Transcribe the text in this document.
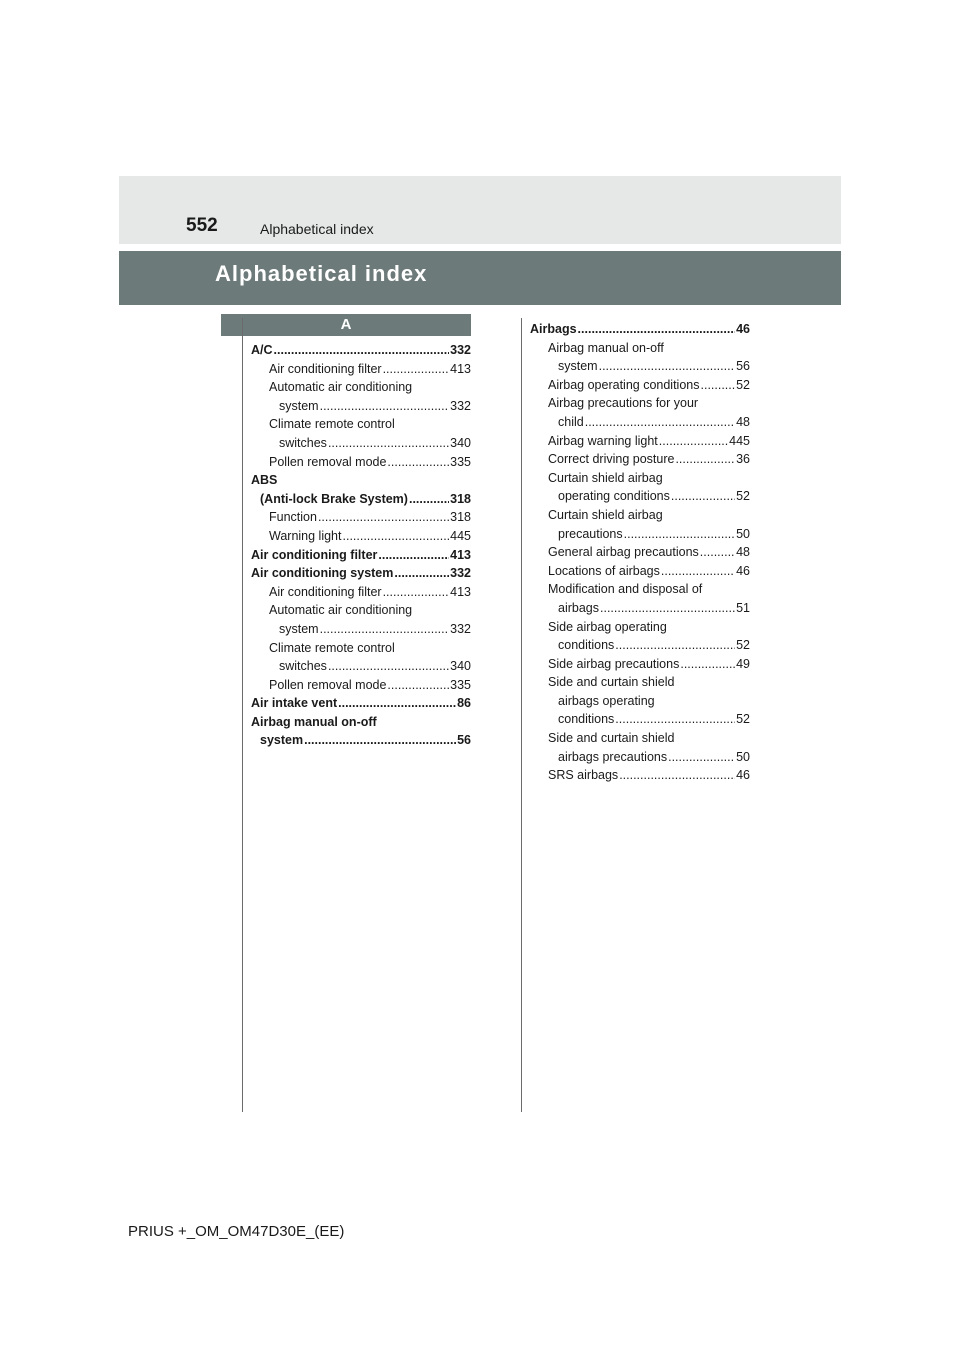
552	Alphabetical index
Alphabetical index
A
A/C .....	332
Air conditioning filter .....	413
Automatic air conditioning
system .....	332
Climate remote control
switches .....	340
Pollen removal mode .....	335
ABS
(Anti-lock Brake System) .....	318
Function .....	318
Warning light .....	445
Air conditioning filter .....	413
Air conditioning system .....	332
Air conditioning filter .....	413
Automatic air conditioning
system .....	332
Climate remote control
switches .....	340
Pollen removal mode .....	335
Air intake vent .....	86
Airbag manual on-off
system .....	56
Airbags .....	46
Airbag manual on-off
system .....	56
Airbag operating conditions .....	52
Airbag precautions for your
child .....	48
Airbag warning light .....	445
Correct driving posture .....	36
Curtain shield airbag
operating conditions .....	52
Curtain shield airbag
precautions .....	50
General airbag precautions .....	48
Locations of airbags .....	46
Modification and disposal of
airbags .....	51
Side airbag operating
conditions .....	52
Side airbag precautions .....	49
Side and curtain shield
airbags operating
conditions .....	52
Side and curtain shield
airbags precautions .....	50
SRS airbags .....	46
PRIUS +_OM_OM47D30E_(EE)
